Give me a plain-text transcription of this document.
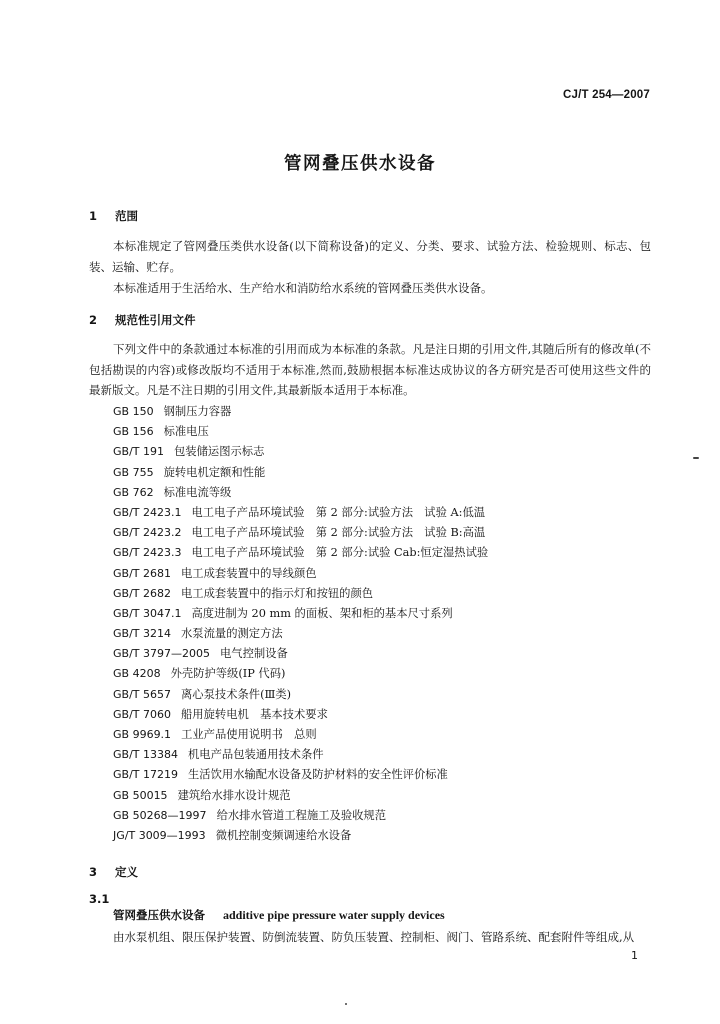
CJ/T 254—2007
管网叠压供水设备
1 范围
本标准规定了管网叠压类供水设备(以下简称设备)的定义、分类、要求、试验方法、检验规则、标志、包装、运输、贮存。
本标准适用于生活给水、生产给水和消防给水系统的管网叠压类供水设备。
2 规范性引用文件
下列文件中的条款通过本标准的引用而成为本标准的条款。凡是注日期的引用文件,其随后所有的修改单(不包括勘误的内容)或修改版均不适用于本标准,然而,鼓励根据本标准达成协议的各方研究是否可使用这些文件的最新版文。凡是不注日期的引用文件,其最新版本适用于本标准。
GB 150 钢制压力容器
GB 156 标准电压
GB/T 191 包装储运图示标志
GB 755 旋转电机定额和性能
GB 762 标准电流等级
GB/T 2423.1 电工电子产品环境试验　第 2 部分:试验方法　试验 A:低温
GB/T 2423.2 电工电子产品环境试验　第 2 部分:试验方法　试验 B:高温
GB/T 2423.3 电工电子产品环境试验　第 2 部分:试验 Cab:恒定湿热试验
GB/T 2681 电工成套装置中的导线颜色
GB/T 2682 电工成套装置中的指示灯和按钮的颜色
GB/T 3047.1 高度进制为 20 mm 的面板、架和柜的基本尺寸系列
GB/T 3214 水泵流量的测定方法
GB/T 3797—2005 电气控制设备
GB 4208 外壳防护等级(IP 代码)
GB/T 5657 离心泵技术条件(Ⅲ类)
GB/T 7060 船用旋转电机　基本技术要求
GB 9969.1 工业产品使用说明书　总则
GB/T 13384 机电产品包装通用技术条件
GB/T 17219 生活饮用水输配水设备及防护材料的安全性评价标准
GB 50015 建筑给水排水设计规范
GB 50268—1997 给水排水管道工程施工及验收规范
JG/T 3009—1993 微机控制变频调速给水设备
3 定义
3.1
管网叠压供水设备 additive pipe pressure water supply devices
由水泵机组、限压保护装置、防倒流装置、防负压装置、控制柜、阀门、管路系统、配套附件等组成,从
1
